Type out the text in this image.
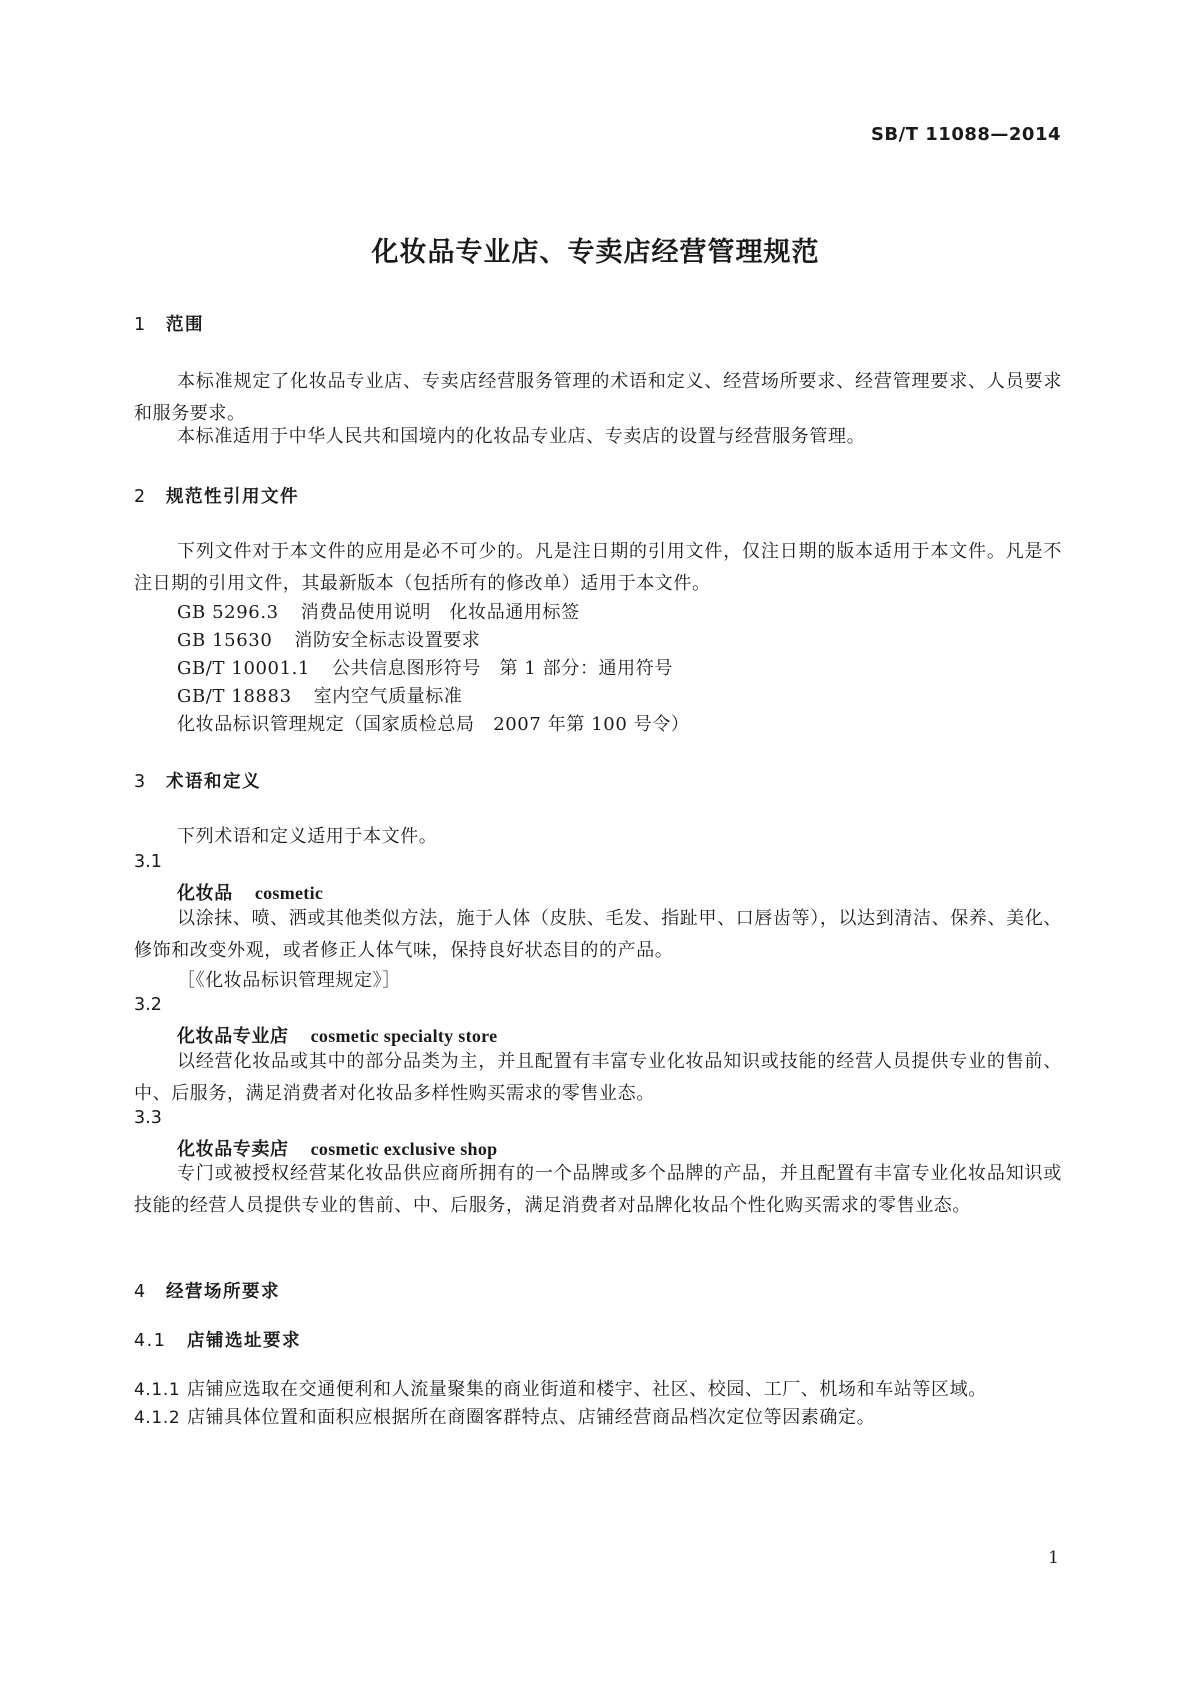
SB/T 11088—2014
化妆品专业店、专卖店经营管理规范
1 范围
本标准规定了化妆品专业店、专卖店经营服务管理的术语和定义、经营场所要求、经营管理要求、人员要求和服务要求。
本标准适用于中华人民共和国境内的化妆品专业店、专卖店的设置与经营服务管理。
2 规范性引用文件
下列文件对于本文件的应用是必不可少的。凡是注日期的引用文件，仅注日期的版本适用于本文件。凡是不注日期的引用文件，其最新版本（包括所有的修改单）适用于本文件。
GB 5296.3 消费品使用说明　化妆品通用标签
GB 15630 消防安全标志设置要求
GB/T 10001.1 公共信息图形符号　第 1 部分：通用符号
GB/T 18883 室内空气质量标准
化妆品标识管理规定（国家质检总局　2007 年第 100 号令）
3 术语和定义
下列术语和定义适用于本文件。
3.1
化妆品 cosmetic
以涂抹、喷、洒或其他类似方法，施于人体（皮肤、毛发、指趾甲、口唇齿等），以达到清洁、保养、美化、修饰和改变外观，或者修正人体气味，保持良好状态目的的产品。
［《化妆品标识管理规定》］
3.2
化妆品专业店 cosmetic specialty store
以经营化妆品或其中的部分品类为主，并且配置有丰富专业化妆品知识或技能的经营人员提供专业的售前、中、后服务，满足消费者对化妆品多样性购买需求的零售业态。
3.3
化妆品专卖店 cosmetic exclusive shop
专门或被授权经营某化妆品供应商所拥有的一个品牌或多个品牌的产品，并且配置有丰富专业化妆品知识或技能的经营人员提供专业的售前、中、后服务，满足消费者对品牌化妆品个性化购买需求的零售业态。
4 经营场所要求
4.1 店铺选址要求
4.1.1 店铺应选取在交通便利和人流量聚集的商业街道和楼宇、社区、校园、工厂、机场和车站等区域。
4.1.2 店铺具体位置和面积应根据所在商圈客群特点、店铺经营商品档次定位等因素确定。
1
